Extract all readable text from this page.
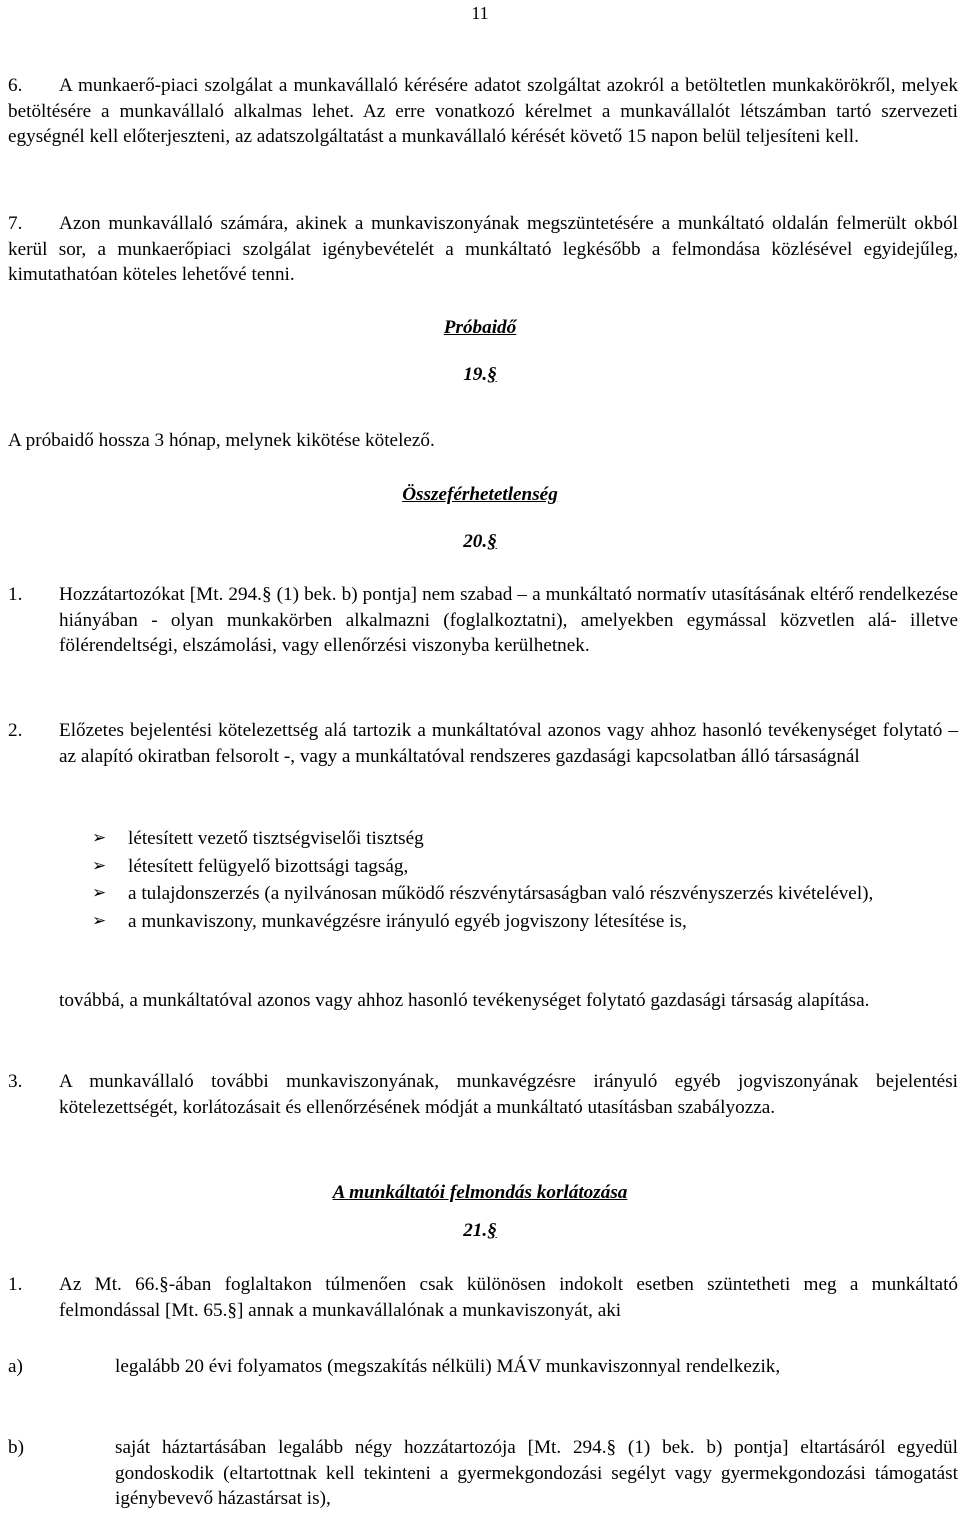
11
6. A munkaerő-piaci szolgálat a munkavállaló kérésére adatot szolgáltat azokról a betöltetlen munkakörökről, melyek betöltésére a munkavállaló alkalmas lehet. Az erre vonatkozó kérelmet a munkavállalót létszámban tartó szervezeti egységnél kell előterjeszteni, az adatszolgáltatást a munkavállaló kérését követő 15 napon belül teljesíteni kell.
7. Azon munkavállaló számára, akinek a munkaviszonyának megszüntetésére a munkáltató oldalán felmerült okból kerül sor, a munkaerőpiaci szolgálat igénybevételét a munkáltató legkésőbb a felmondása közlésével egyidejűleg, kimutathatóan köteles lehetővé tenni.
Próbaidő
19.§
A próbaidő hossza 3 hónap, melynek kikötése kötelező.
Összeférhetetlenség
20.§
1. Hozzátartozókat [Mt. 294.§ (1) bek. b) pontja] nem szabad – a munkáltató normatív utasításának eltérő rendelkezése hiányában - olyan munkakörben alkalmazni (foglalkoztatni), amelyekben egymással közvetlen alá- illetve fölérendeltségi, elszámolási, vagy ellenőrzési viszonyba kerülhetnek.
2. Előzetes bejelentési kötelezettség alá tartozik a munkáltatóval azonos vagy ahhoz hasonló tevékenységet folytató – az alapító okiratban felsorolt -, vagy a munkáltatóval rendszeres gazdasági kapcsolatban álló társaságnál
➢ létesített vezető tisztségviselői tisztség
➢ létesített felügyelő bizottsági tagság,
➢ a tulajdonszerzés (a nyilvánosan működő részvénytársaságban való részvényszerzés kivételével),
➢ a munkaviszony, munkavégzésre irányuló egyéb jogviszony létesítése is,
továbbá, a munkáltatóval azonos vagy ahhoz hasonló tevékenységet folytató gazdasági társaság alapítása.
3. A munkavállaló további munkaviszonyának, munkavégzésre irányuló egyéb jogviszonyának bejelentési kötelezettségét, korlátozásait és ellenőrzésének módját a munkáltató utasításban szabályozza.
A munkáltatói felmondás korlátozása
21.§
1. Az Mt. 66.§-ában foglaltakon túlmenően csak különösen indokolt esetben szüntetheti meg a munkáltató felmondással [Mt. 65.§] annak a munkavállalónak a munkaviszonyát, aki
a)	legalább 20 évi folyamatos (megszakítás nélküli) MÁV munkaviszonnyal rendelkezik,
b)	saját háztartásában legalább négy hozzátartozója [Mt. 294.§ (1) bek. b) pontja] eltartásáról egyedül gondoskodik (eltartottnak kell tekinteni a gyermekgondozási segélyt vagy gyermekgondozási támogatást igénybevevő házastársat is),
